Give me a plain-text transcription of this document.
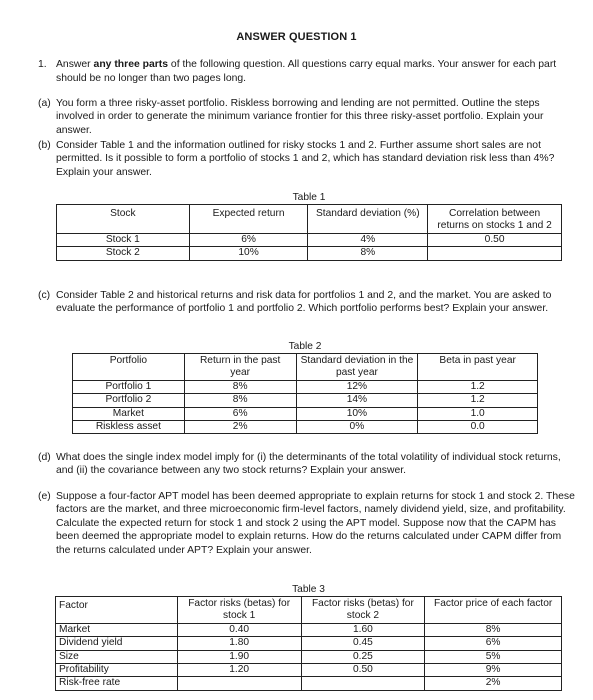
ANSWER QUESTION 1
1. Answer any three parts of the following question. All questions carry equal marks. Your answer for each part should be no longer than two pages long.
(a) You form a three risky-asset portfolio. Riskless borrowing and lending are not permitted. Outline the steps involved in order to generate the minimum variance frontier for this three risky-asset portfolio. Explain your answer.
(b) Consider Table 1 and the information outlined for risky stocks 1 and 2. Further assume short sales are not permitted. Is it possible to form a portfolio of stocks 1 and 2, which has standard deviation risk less than 4%? Explain your answer.
Table 1			
Stock	Expected return	Standard deviation (%)	Correlation between returns on stocks 1 and 2
Stock 1	6%	4%	0.50
Stock 2	10%	8%	
(c) Consider Table 2 and historical returns and risk data for portfolios 1 and 2, and the market. You are asked to evaluate the performance of portfolio 1 and portfolio 2. Which portfolio performs best? Explain your answer.
Table 2			
Portfolio	Return in the past year	Standard deviation in the past year	Beta in past year
Portfolio 1	8%	12%	1.2
Portfolio 2	8%	14%	1.2
Market	6%	10%	1.0
Riskless asset	2%	0%	0.0
(d) What does the single index model imply for (i) the determinants of the total volatility of individual stock returns, and (ii) the covariance between any two stock returns? Explain your answer.
(e) Suppose a four-factor APT model has been deemed appropriate to explain returns for stock 1 and stock 2. These factors are the market, and three microeconomic firm-level factors, namely dividend yield, size, and profitability. Calculate the expected return for stock 1 and stock 2 using the APT model. Suppose now that the CAPM has been deemed the appropriate model to explain returns. How do the returns calculated under CAPM differ from the returns calculated under APT? Explain your answer.
Table 3			
Factor	Factor risks (betas) for stock 1	Factor risks (betas) for stock 2	Factor price of each factor
Market	0.40	1.60	8%
Dividend yield	1.80	0.45	6%
Size	1.90	0.25	5%
Profitability	1.20	0.50	9%
Risk-free rate			2%
